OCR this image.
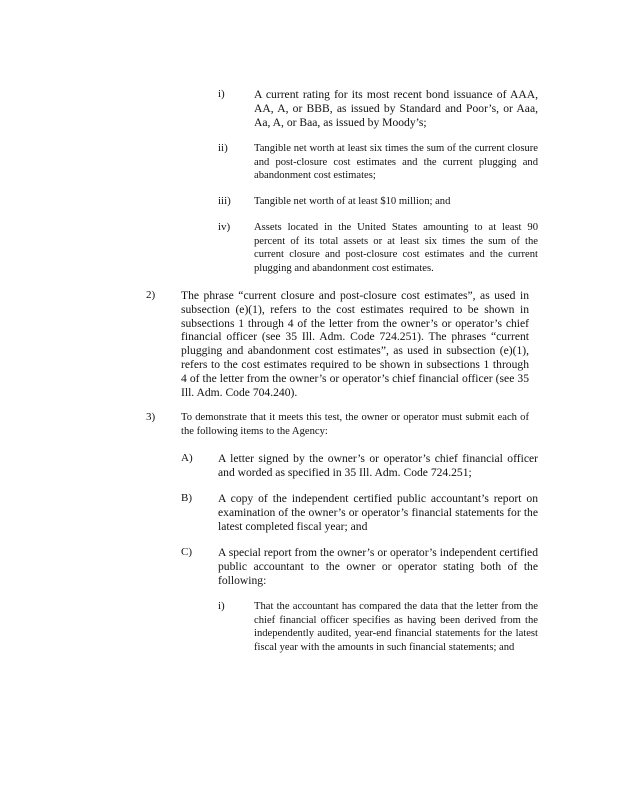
i)	A current rating for its most recent bond issuance of AAA, AA, A, or BBB, as issued by Standard and Poor’s, or Aaa, Aa, A, or Baa, as issued by Moody’s;
ii) Tangible net worth at least six times the sum of the current closure and post-closure cost estimates and the current plugging and abandonment cost estimates;
iii) Tangible net worth of at least $10 million; and
iv) Assets located in the United States amounting to at least 90 percent of its total assets or at least six times the sum of the current closure and post-closure cost estimates and the current plugging and abandonment cost estimates.
2) The phrase “current closure and post-closure cost estimates”, as used in subsection (e)(1), refers to the cost estimates required to be shown in subsections 1 through 4 of the letter from the owner’s or operator’s chief financial officer (see 35 Ill. Adm. Code 724.251). The phrases “current plugging and abandonment cost estimates”, as used in subsection (e)(1), refers to the cost estimates required to be shown in subsections 1 through 4 of the letter from the owner’s or operator’s chief financial officer (see 35 Ill. Adm. Code 704.240).
3) To demonstrate that it meets this test, the owner or operator must submit each of the following items to the Agency:
A) A letter signed by the owner’s or operator’s chief financial officer and worded as specified in 35 Ill. Adm. Code 724.251;
B) A copy of the independent certified public accountant’s report on examination of the owner’s or operator’s financial statements for the latest completed fiscal year; and
C) A special report from the owner’s or operator’s independent certified public accountant to the owner or operator stating both of the following:
i)	That the accountant has compared the data that the letter from the chief financial officer specifies as having been derived from the independently audited, year-end financial statements for the latest fiscal year with the amounts in such financial statements; and
